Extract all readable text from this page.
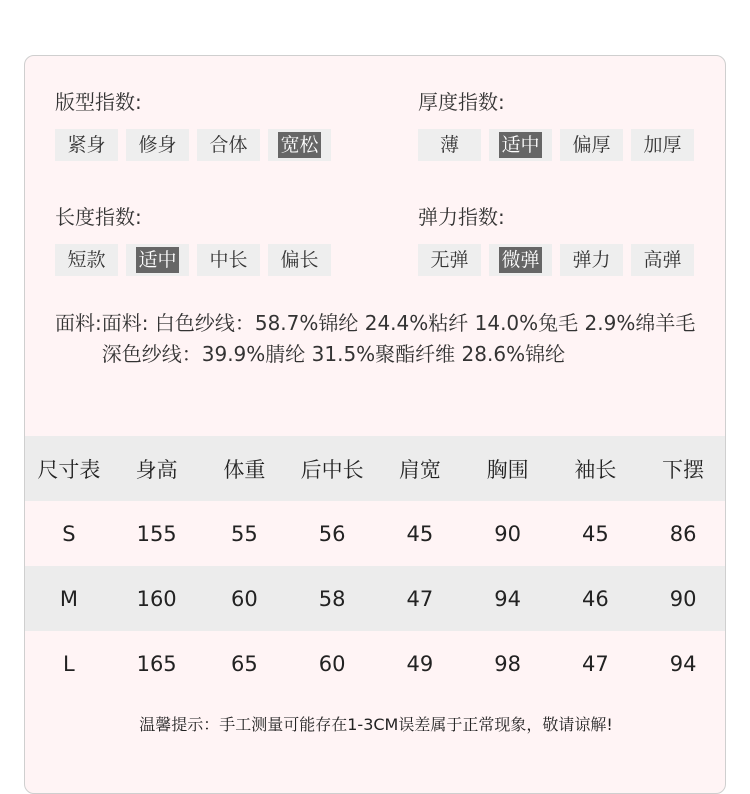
版型指数:
紧身 修身 合体 宽松
厚度指数:
薄 适中 偏厚 加厚
长度指数:
短款 适中 中长 偏长
弹力指数:
无弹 微弹 弹力 高弹
面料: 面料: 白色纱线：58.7%锦纶 24.4%粘纤 14.0%兔毛 2.9%绵羊毛 深色纱线：39.9%腈纶 31.5%聚酯纤维 28.6%锦纶
尺寸表	身高	体重	后中长	肩宽	胸围	袖长	下摆
S	155	55	56	45	90	45	86
M	160	60	58	47	94	46	90
L	165	65	60	49	98	47	94
温馨提示：手工测量可能存在1-3CM误差属于正常现象，敬请谅解!
